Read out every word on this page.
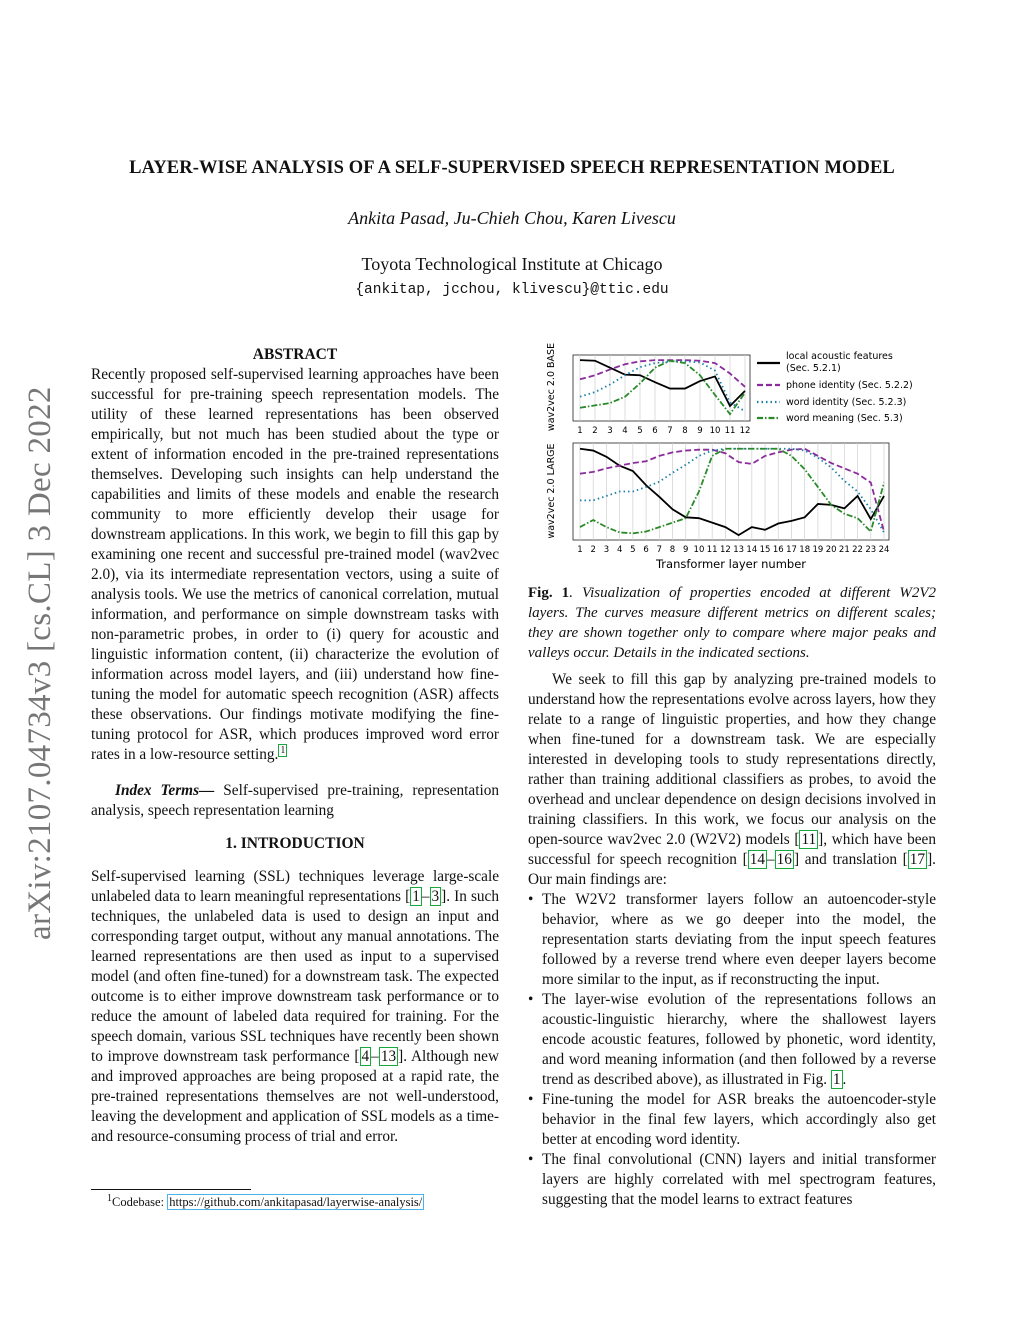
LAYER-WISE ANALYSIS OF A SELF-SUPERVISED SPEECH REPRESENTATION MODEL
Ankita Pasad, Ju-Chieh Chou, Karen Livescu
Toyota Technological Institute at Chicago
{ankitap, jcchou, klivescu}@ttic.edu
arXiv:2107.04734v3 [cs.CL] 3 Dec 2022
ABSTRACT
Recently proposed self-supervised learning approaches have been successful for pre-training speech representation models. The utility of these learned representations has been observed empirically, but not much has been studied about the type or extent of information encoded in the pre-trained representations themselves. Developing such insights can help understand the capabilities and limits of these models and enable the research community to more efficiently develop their usage for downstream applications. In this work, we begin to fill this gap by examining one recent and successful pre-trained model (wav2vec 2.0), via its intermediate representation vectors, using a suite of analysis tools. We use the metrics of canonical correlation, mutual information, and performance on simple downstream tasks with non-parametric probes, in order to (i) query for acoustic and linguistic information content, (ii) characterize the evolution of information across model layers, and (iii) understand how fine-tuning the model for automatic speech recognition (ASR) affects these observations. Our findings motivate modifying the fine-tuning protocol for ASR, which produces improved word error rates in a low-resource setting. $^1$
Index Terms— Self-supervised pre-training, representation analysis, speech representation learning
1. INTRODUCTION
Self-supervised learning (SSL) techniques leverage large-scale unlabeled data to learn meaningful representations [ 1 – 3 ]. In such techniques, the unlabeled data is used to design an input and corresponding target output, without any manual annotations. The learned representations are then used as input to a supervised model (and often fine-tuned) for a downstream task. The expected outcome is to either improve downstream task performance or to reduce the amount of labeled data required for training. For the speech domain, various SSL techniques have recently been shown to improve downstream task performance [ 4 – 13 ]. Although new and improved approaches are being proposed at a rapid rate, the pre-trained representations themselves are not well-understood, leaving the development and application of SSL models as a time- and resource-consuming process of trial and error.
$^1$Codebase: https://github.com/ankitapasad/layerwise-analysis/
1 2 3 4 5 6 7 8 9 10 11 12
wav2vec 2.0 BASE
1 2 3 4 5 6 7 8 9 10 11 12 13 14 15 16 17 18 19 20 21 22 23 24
wav2vec 2.0 LARGE
Transformer layer number
local acoustic features
(Sec. 5.2.1)
phone identity (Sec. 5.2.2)
word identity (Sec. 5.2.3)
word meaning (Sec. 5.3)
Fig. 1. Visualization of properties encoded at different W2V2 layers. The curves measure different metrics on different scales; they are shown together only to compare where major peaks and valleys occur. Details in the indicated sections.
We seek to fill this gap by analyzing pre-trained models to understand how the representations evolve across layers, how they relate to a range of linguistic properties, and how they change when fine-tuned for a downstream task. We are especially interested in developing tools to study representations directly, rather than training additional classifiers as probes, to avoid the overhead and unclear dependence on design decisions involved in training classifiers. In this work, we focus our analysis on the open-source wav2vec 2.0 (W2V2) models [ 11 ], which have been successful for speech recognition [ 14 – 16 ] and translation [ 17 ]. Our main findings are:
• The W2V2 transformer layers follow an autoencoder-style behavior, where as we go deeper into the model, the representation starts deviating from the input speech features followed by a reverse trend where even deeper layers become more similar to the input, as if reconstructing the input.
• The layer-wise evolution of the representations follows an acoustic-linguistic hierarchy, where the shallowest layers encode acoustic features, followed by phonetic, word identity, and word meaning information (and then followed by a reverse trend as described above), as illustrated in Fig. 1 .
• Fine-tuning the model for ASR breaks the autoencoder-style behavior in the final few layers, which accordingly also get better at encoding word identity.
• The final convolutional (CNN) layers and initial transformer layers are highly correlated with mel spectrogram features, suggesting that the model learns to extract features
